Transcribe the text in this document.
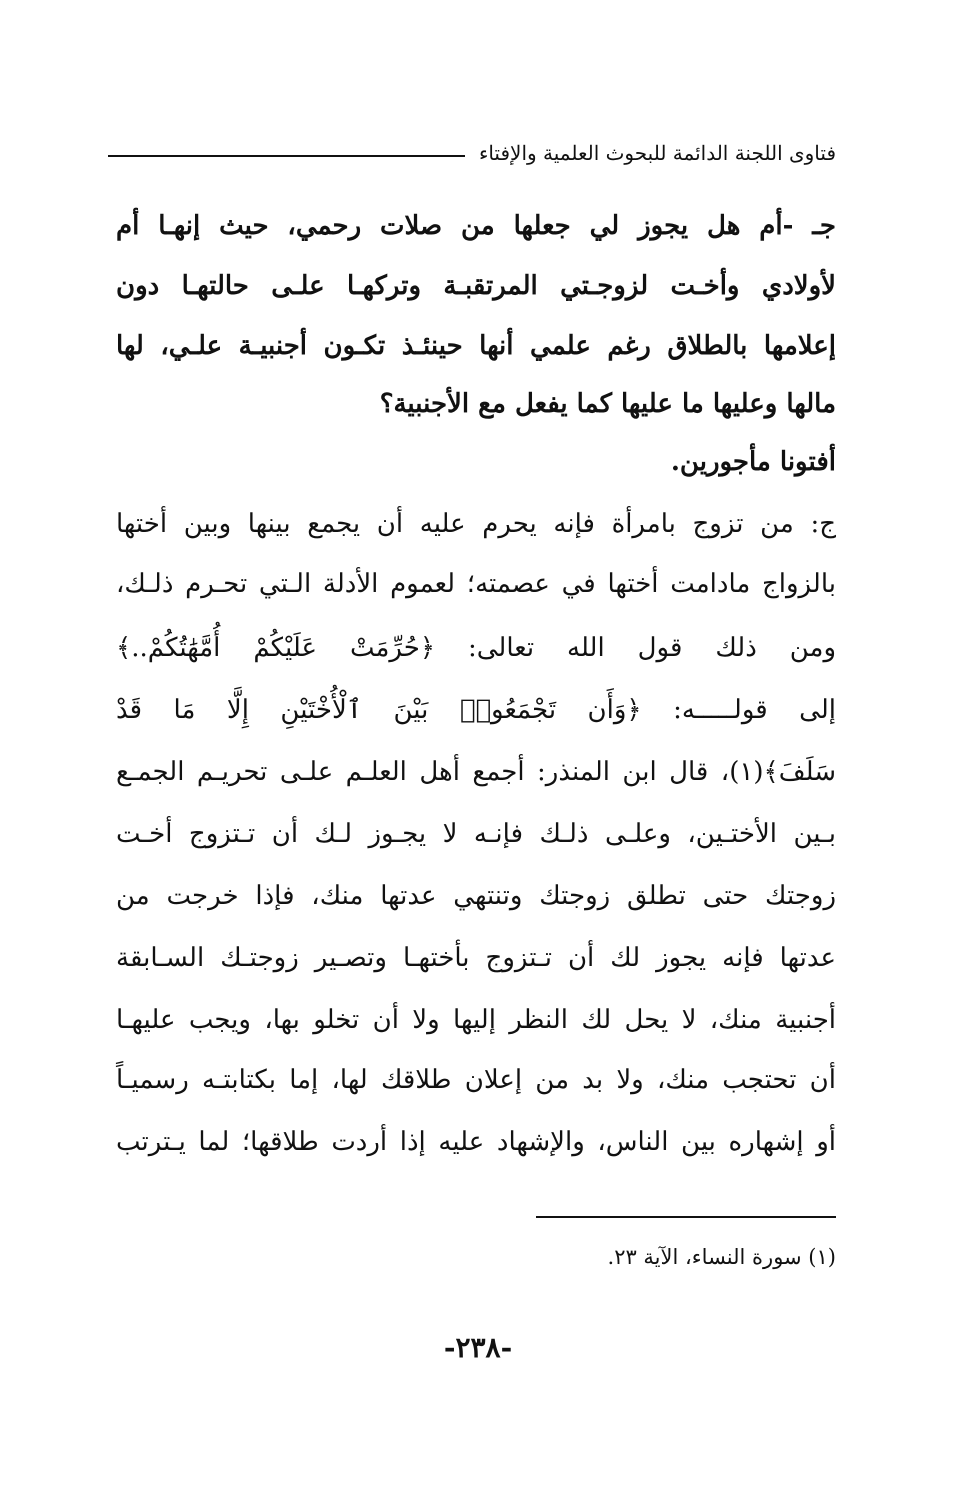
فتاوى اللجنة الدائمة للبحوث العلمية والإفتاء
جـ -أم هل يجوز لي جعلها من صلات رحمي، حيث إنهـا أم
لأولادي وأخـت لزوجـتي المرتقبـة وتركهـا علـى حالتهـا دون
إعلامها بالطلاق رغم علمي أنها حينئـذ تكـون أجنبيـة علـي، لها
مالها وعليها ما عليها كما يفعل مع الأجنبية؟
أفتونا مأجورين.
ج: من تزوج بامرأة فإنه يحرم عليه أن يجمع بينها وبين أختها
بالزواج مادامت أختها في عصمته؛ لعموم الأدلة الـتي تحـرم ذلـك،
ومن ذلك قول الله تعالى: ﴿حُرِّمَتْ عَلَيْكُمْ أُمَّهَٰتُكُمْ..﴾
إلى قولـــــه: ﴿وَأَن تَجْمَعُوا۟ بَيْنَ ٱلْأُخْتَيْنِ إِلَّا مَا قَدْ
سَلَفَ﴾(١)، قال ابن المنذر: أجمع أهل العلـم علـى تحريـم الجمـع
بـين الأختـين، وعلـى ذلـك فإنـه لا يجـوز لـك أن تـتزوج أخـت
زوجتك حتى تطلق زوجتك وتنتهي عدتها منك، فإذا خرجت من
عدتها فإنه يجوز لك أن تـتزوج بأختهـا وتصـير زوجتـك السـابقة
أجنبية منك، لا يحل لك النظر إليها ولا أن تخلو بها، ويجب عليهـا
أن تحتجب منك، ولا بد من إعلان طلاقك لها، إما بكتابتـه رسميـاً
أو إشهاره بين الناس، والإشهاد عليه إذا أردت طلاقها؛ لما يـترتب
(١) سورة النساء، الآية ٢٣.
-٢٣٨-
